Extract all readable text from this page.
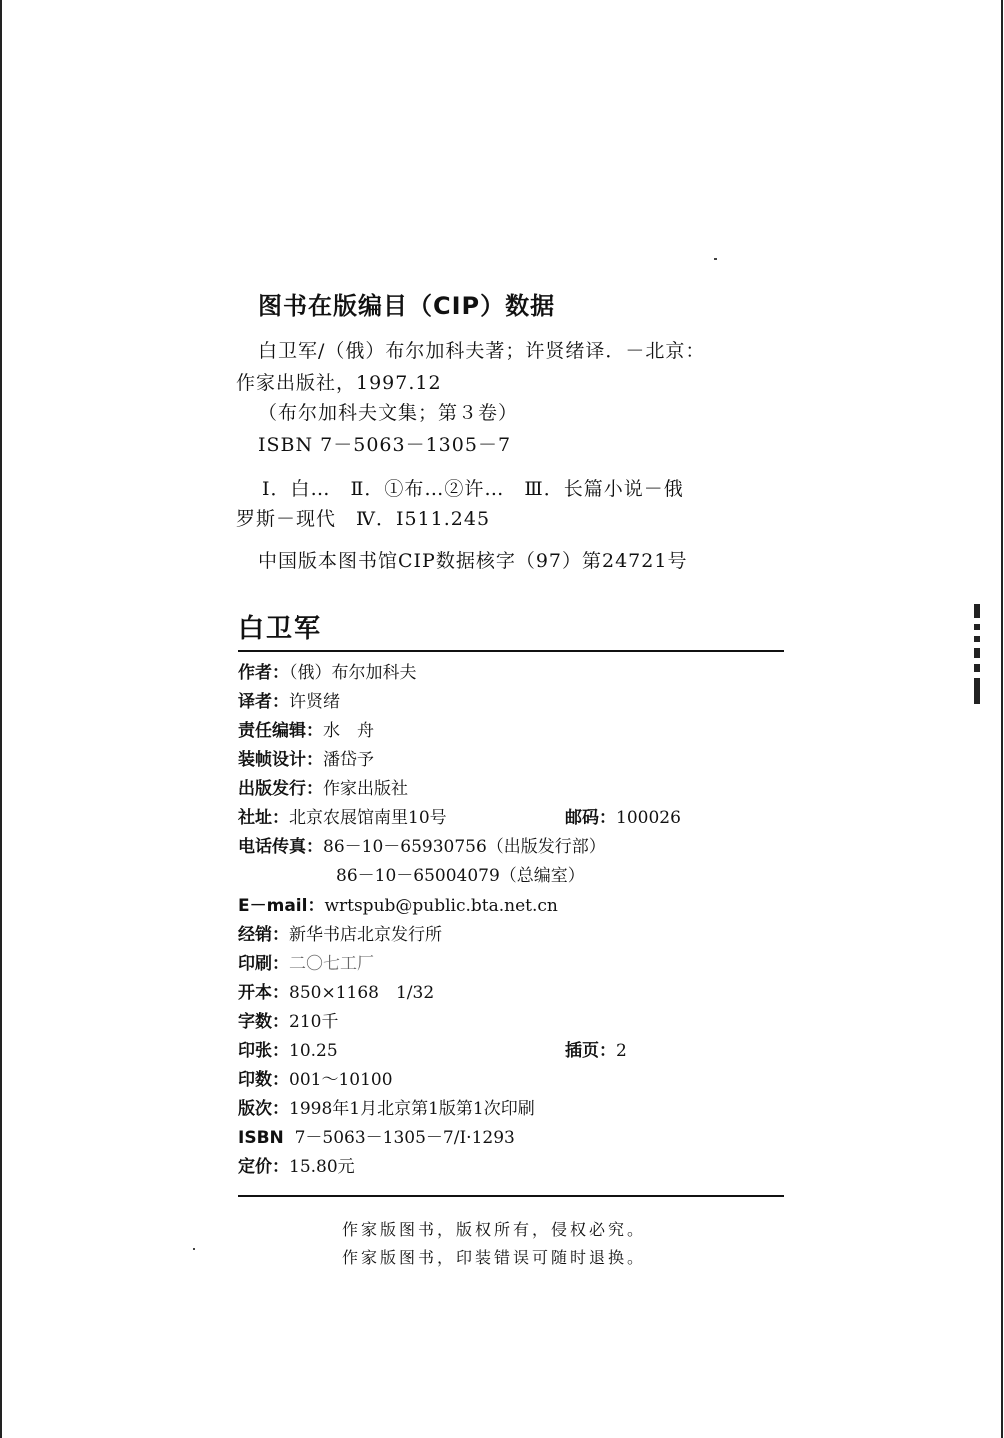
图书在版编目（CIP）数据
白卫军/（俄）布尔加科夫著；许贤绪译．－北京：
作家出版社，1997.12
（布尔加科夫文集；第３卷）
ISBN 7－5063－1305－7
Ⅰ．白…　Ⅱ．①布…②许…　Ⅲ．长篇小说－俄
罗斯－现代　Ⅳ．I511.245
中国版本图书馆CIP数据核字（97）第24721号
白卫军
作者：（俄）布尔加科夫
译者：许贤绪
责任编辑：水　舟
装帧设计：潘岱予
出版发行：作家出版社
社址：北京农展馆南里10号	邮码：100026
电话传真：86－10－65930756（出版发行部）
86－10－65004079（总编室）
E－mail：wrtspub@public.bta.net.cn
经销：新华书店北京发行所
印刷：二〇七工厂
开本：850×1168　1/32
字数：210千
印张：10.25	插页：2
印数：001～10100
版次：1998年1月北京第1版第1次印刷
ISBN 7－5063－1305－7/I·1293
定价：15.80元
作家版图书，版权所有，侵权必究。
作家版图书，印装错误可随时退换。
